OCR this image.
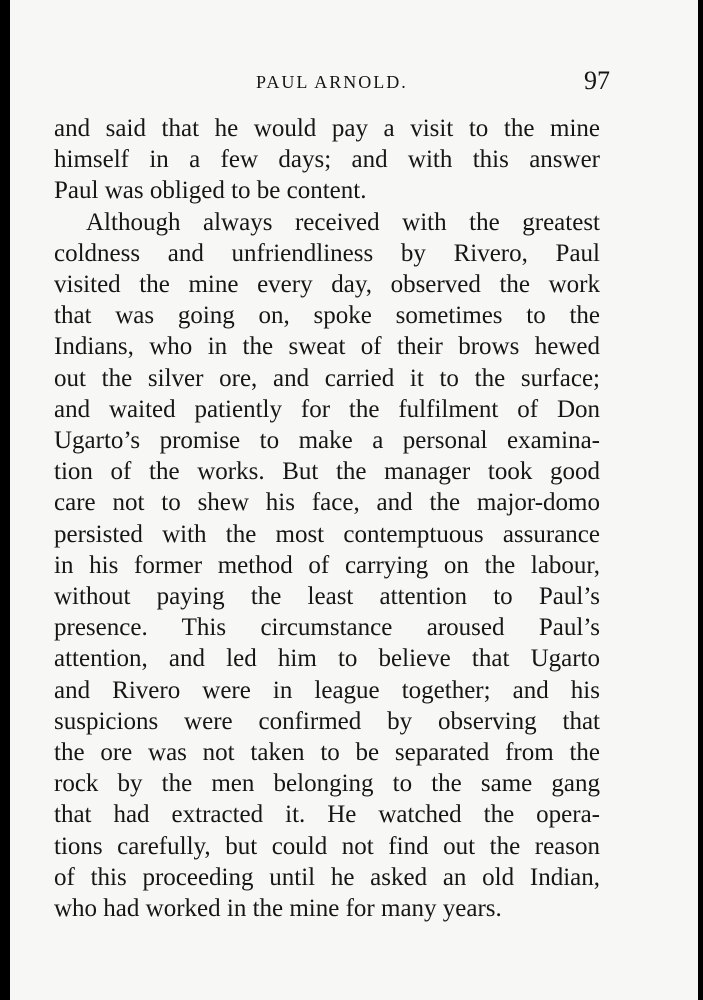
PAUL ARNOLD.	97
and said that he would pay a visit to the mine
himself in a few days; and with this answer
Paul was obliged to be content.
Although always received with the greatest
coldness and unfriendliness by Rivero, Paul
visited the mine every day, observed the work
that was going on, spoke sometimes to the
Indians, who in the sweat of their brows hewed
out the silver ore, and carried it to the surface;
and waited patiently for the fulfilment of Don
Ugarto’s promise to make a personal examina-
tion of the works. But the manager took good
care not to shew his face, and the major-domo
persisted with the most contemptuous assurance
in his former method of carrying on the labour,
without paying the least attention to Paul’s
presence. This circumstance aroused Paul’s
attention, and led him to believe that Ugarto
and Rivero were in league together; and his
suspicions were confirmed by observing that
the ore was not taken to be separated from the
rock by the men belonging to the same gang
that had extracted it. He watched the opera-
tions carefully, but could not find out the reason
of this proceeding until he asked an old Indian,
who had worked in the mine for many years.
